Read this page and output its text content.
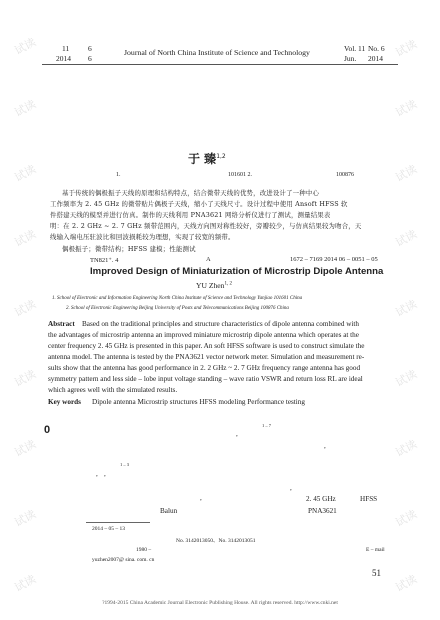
试读	试读
试读	试读
试读	试读
试读	试读
试读	试读
试读	试读
试读	试读
试读	试读
试读	试读
11	6	Journal of North China Institute of Science and Technology	Vol. 11 No. 6
2014 6	Jun. 2014
于 臻$^{1,2}$
1.	101601 2.	100876
基于传统的偶极振子天线的原理和结构特点，结合微带天线的优势，改进设计了一种中心
工作频率为 2. 45 GHz 的微带贴片偶极子天线，缩小了天线尺寸。设计过程中使用 Ansoft HFSS 软
件搭建天线的模型并进行仿真。制作的天线利用 PNA3621 网络分析仪进行了测试，测量结果表
明：在 2. 2 GHz ~ 2. 7 GHz 频带范围内，天线方向图对称性较好，旁瓣较少，与仿真结果较为吻合，天
线输入端电压驻波比和回波损耗较为理想，实现了较宽的频带。
偶极振子；微带结构；HFSS 建模；性能测试
TN821⁺. 4	A	1672 – 7169 2014 06 – 0051 – 05
Improved Design of Miniaturization of Microstrip Dipole Antenna
YU Zhen$^{1, 2}$
1. School of Electronic and Information Engineering North China Institute of Science and Technology Yanjiao 101601 China
2. School of Electronic Engineering Beijing University of Posts and Telecommunications Beijing 100876 China
Abstract Based on the traditional principles and structure characteristics of dipole antenna combined with
the advantages of microstrip antenna an improved miniature microstrip dipole antenna which operates at the
center frequency 2. 45 GHz is presented in this paper. An soft HFSS software is used to construct simulate the
antenna model. The antenna is tested by the PNA3621 vector network meter. Simulation and measurement re-
sults show that the antenna has good performance in 2. 2 GHz ~ 2. 7 GHz frequency range antenna has good
symmetry pattern and less side – lobe input voltage standing – wave ratio VSWR and return loss RL are ideal
which agrees well with the simulated results.
Key words Dipole antenna Microstrip structures HFSS modeling Performance testing
0	1 – 7
,
,
1 – 3
, ,
,
,	2. 45 GHz	HFSS
Balun	PNA3621
2014 – 05 – 13
No. 3142013050、No. 3142013051
1980 –	E – mail
yuzhen2007@ sina. com. cn
51
?1994-2015 China Academic Journal Electronic Publishing House. All rights reserved. http://www.cnki.net
